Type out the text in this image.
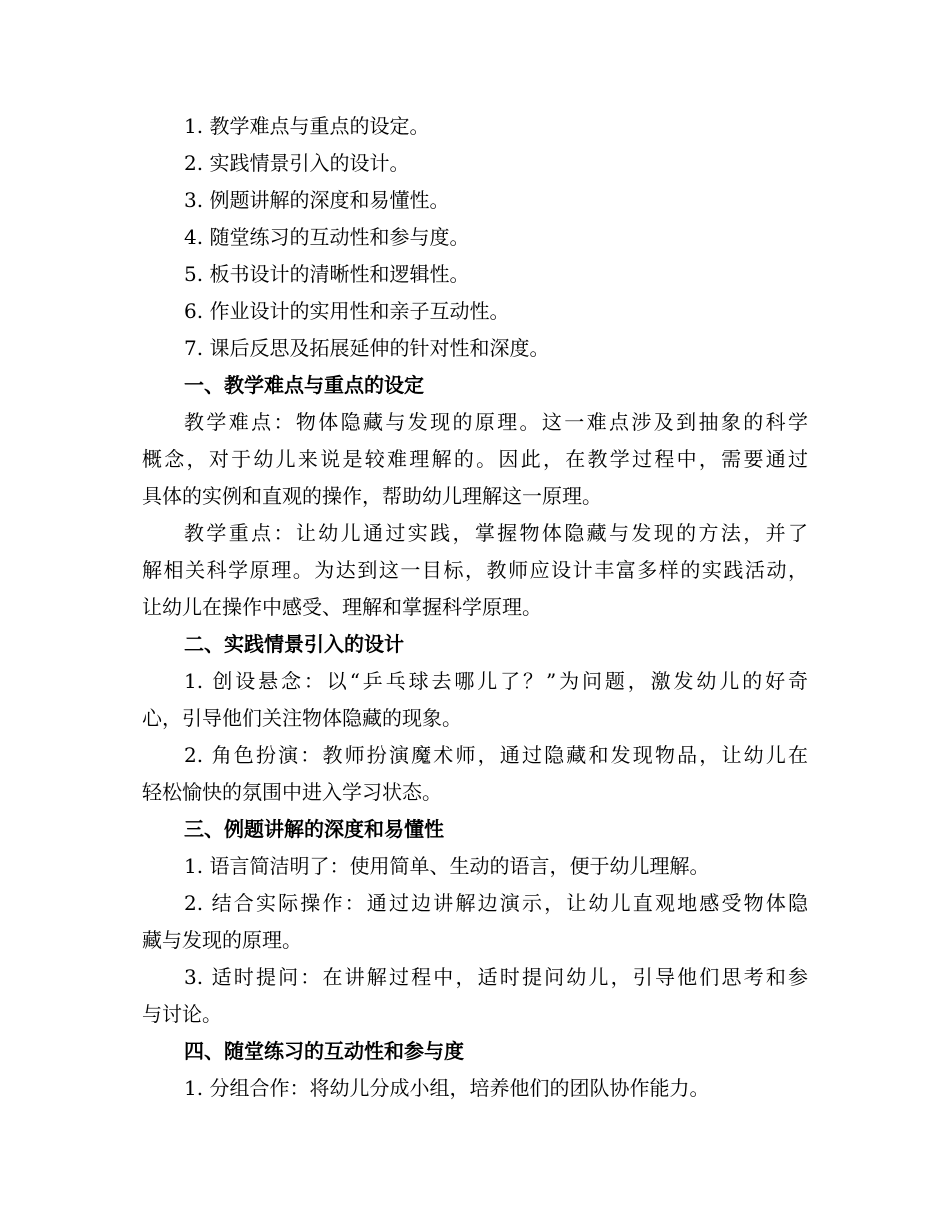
1. 教学难点与重点的设定。

2. 实践情景引入的设计。

3. 例题讲解的深度和易懂性。

4. 随堂练习的互动性和参与度。

5. 板书设计的清晰性和逻辑性。

6. 作业设计的实用性和亲子互动性。

7. 课后反思及拓展延伸的针对性和深度。

一、教学难点与重点的设定

教学难点：物体隐藏与发现的原理。这一难点涉及到抽象的科学

概念，对于幼儿来说是较难理解的。因此，在教学过程中，需要通过

具体的实例和直观的操作，帮助幼儿理解这一原理。

教学重点：让幼儿通过实践，掌握物体隐藏与发现的方法，并了

解相关科学原理。为达到这一目标，教师应设计丰富多样的实践活动，

让幼儿在操作中感受、理解和掌握科学原理。

二、实践情景引入的设计

1. 创设悬念：以“乒乓球去哪儿了？”为问题，激发幼儿的好奇

心，引导他们关注物体隐藏的现象。

2. 角色扮演：教师扮演魔术师，通过隐藏和发现物品，让幼儿在

轻松愉快的氛围中进入学习状态。

三、例题讲解的深度和易懂性

1. 语言简洁明了：使用简单、生动的语言，便于幼儿理解。

2. 结合实际操作：通过边讲解边演示，让幼儿直观地感受物体隐

藏与发现的原理。

3. 适时提问：在讲解过程中，适时提问幼儿，引导他们思考和参

与讨论。

四、随堂练习的互动性和参与度

1. 分组合作：将幼儿分成小组，培养他们的团队协作能力。
